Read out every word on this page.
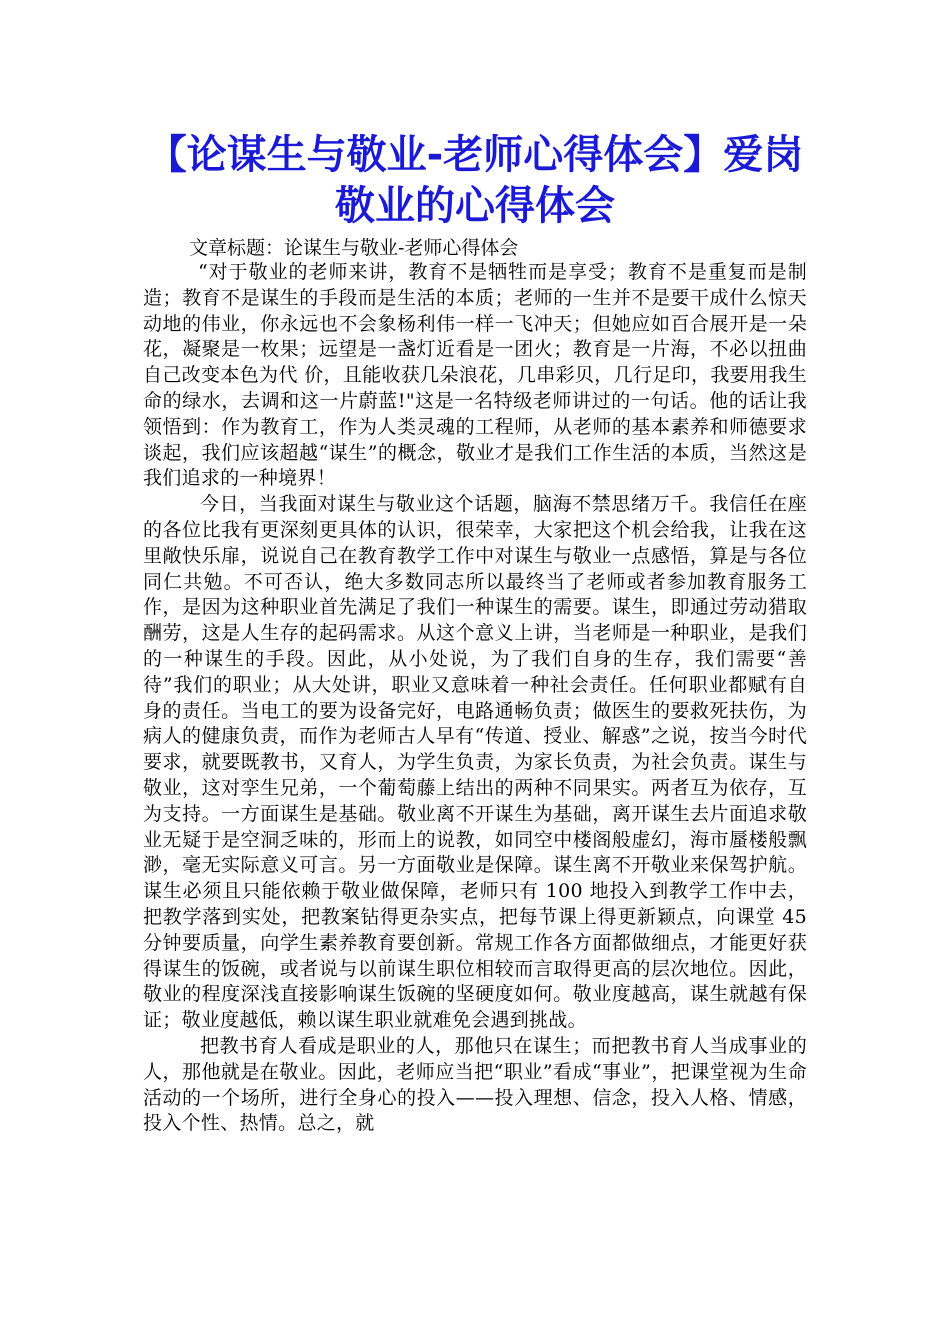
【论谋生与敬业-老师心得体会】爱岗敬业的心得体会

文章标题：论谋生与敬业-老师心得体会

“对于敬业的老师来讲，教育不是牺牲而是享受；教育不是重复而是制造；教育不是谋生的手段而是生活的本质；老师的一生并不是要干成什么惊天动地的伟业，你永远也不会象杨利伟一样一飞冲天；但她应如百合展开是一朵花，凝聚是一枚果；远望是一盏灯近看是一团火；教育是一片海，不必以扭曲自己改变本色为代 价，且能收获几朵浪花，几串彩贝，几行足印，我要用我生命的绿水，去调和这一片蔚蓝!"这是一名特级老师讲过的一句话。他的话让我领悟到：作为教育工，作为人类灵魂的工程师，从老师的基本素养和师德要求谈起，我们应该超越“谋生”的概念，敬业才是我们工作生活的本质，当然这是我们追求的一种境界！

今日，当我面对谋生与敬业这个话题，脑海不禁思绪万千。我信任在座的各位比我有更深刻更具体的认识，很荣幸，大家把这个机会给我，让我在这里敞快乐扉，说说自己在教育教学工作中对谋生与敬业一点感悟，算是与各位同仁共勉。不可否认，绝大多数同志所以最终当了老师或者参加教育服务工作，是因为这种职业首先满足了我们一种谋生的需要。谋生，即通过劳动猎取酬劳，这是人生存的起码需求。从这个意义上讲，当老师是一种职业，是我们的一种谋生的手段。因此，从小处说，为了我们自身的生存，我们需要“善待”我们的职业；从大处讲，职业又意味着一种社会责任。任何职业都赋有自身的责任。当电工的要为设备完好，电路通畅负责；做医生的要救死扶伤，为病人的健康负责，而作为老师古人早有“传道、授业、解惑”之说，按当今时代要求，就要既教书，又育人，为学生负责，为家长负责，为社会负责。谋生与敬业，这对孪生兄弟，一个葡萄藤上结出的两种不同果实。两者互为依存，互为支持。一方面谋生是基础。敬业离不开谋生为基础，离开谋生去片面追求敬业无疑于是空洞乏味的，形而上的说教，如同空中楼阁般虚幻，海市蜃楼般飘渺，毫无实际意义可言。另一方面敬业是保障。谋生离不开敬业来保驾护航。谋生必须且只能依赖于敬业做保障，老师只有 100 地投入到教学工作中去，把教学落到实处，把教案钻得更杂实点，把每节课上得更新颖点，向课堂 45 分钟要质量，向学生素养教育要创新。常规工作各方面都做细点，才能更好获得谋生的饭碗，或者说与以前谋生职位相较而言取得更高的层次地位。因此，敬业的程度深浅直接影响谋生饭碗的坚硬度如何。敬业度越高，谋生就越有保证；敬业度越低，赖以谋生职业就难免会遇到挑战。

把教书育人看成是职业的人，那他只在谋生；而把教书育人当成事业的人，那他就是在敬业。因此，老师应当把“职业”看成“事业”，把课堂视为生命活动的一个场所，进行全身心的投入——投入理想、信念，投入人格、情感，投入个性、热情。总之，就
